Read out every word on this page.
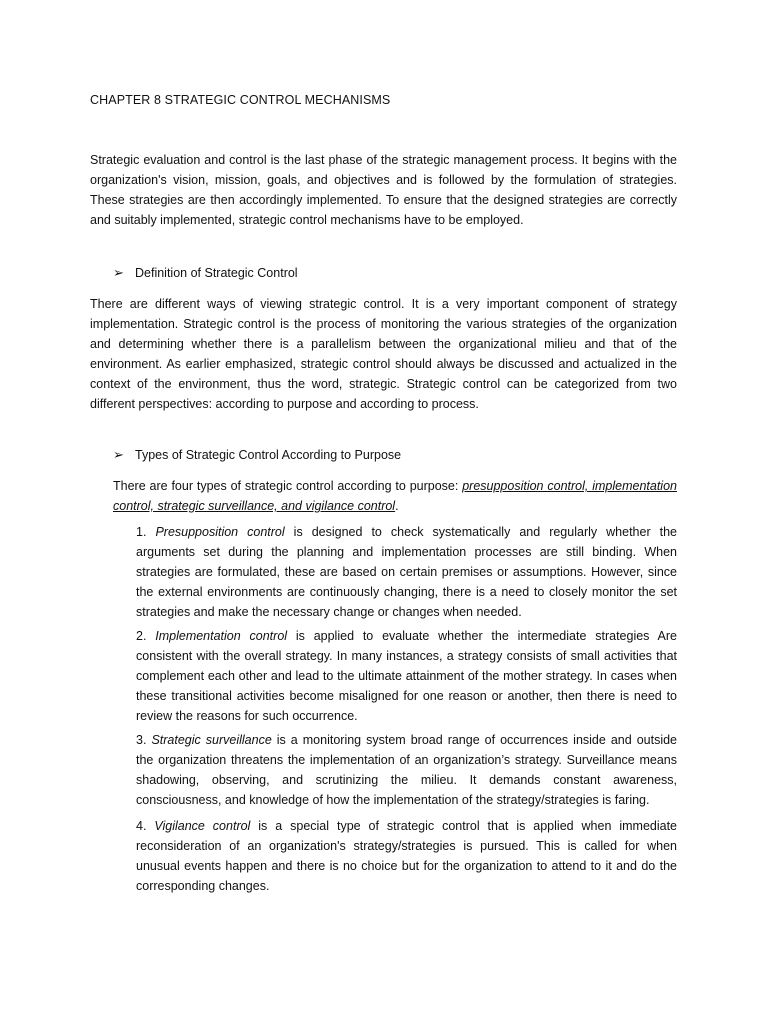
CHAPTER 8 STRATEGIC CONTROL MECHANISMS
Strategic evaluation and control is the last phase of the strategic management process. It begins with the organization's vision, mission, goals, and objectives and is followed by the formulation of strategies. These strategies are then accordingly implemented. To ensure that the designed strategies are correctly and suitably implemented, strategic control mechanisms have to be employed.
➢ Definition of Strategic Control
There are different ways of viewing strategic control. It is a very important component of strategy implementation. Strategic control is the process of monitoring the various strategies of the organization and determining whether there is a parallelism between the organizational milieu and that of the environment. As earlier emphasized, strategic control should always be discussed and actualized in the context of the environment, thus the word, strategic. Strategic control can be categorized from two different perspectives: according to purpose and according to process.
➢ Types of Strategic Control According to Purpose
There are four types of strategic control according to purpose: presupposition control, implementation control, strategic surveillance, and vigilance control.
1. Presupposition control is designed to check systematically and regularly whether the arguments set during the planning and implementation processes are still binding. When strategies are formulated, these are based on certain premises or assumptions. However, since the external environments are continuously changing, there is a need to closely monitor the set strategies and make the necessary change or changes when needed.
2. Implementation control is applied to evaluate whether the intermediate strategies Are consistent with the overall strategy. In many instances, a strategy consists of small activities that complement each other and lead to the ultimate attainment of the mother strategy. In cases when these transitional activities become misaligned for one reason or another, then there is need to review the reasons for such occurrence.
3. Strategic surveillance is a monitoring system broad range of occurrences inside and outside the organization threatens the implementation of an organization’s strategy. Surveillance means shadowing, observing, and scrutinizing the milieu. It demands constant awareness, consciousness, and knowledge of how the implementation of the strategy/strategies is faring.
4. Vigilance control is a special type of strategic control that is applied when immediate reconsideration of an organization's strategy/strategies is pursued. This is called for when unusual events happen and there is no choice but for the organization to attend to it and do the corresponding changes.
